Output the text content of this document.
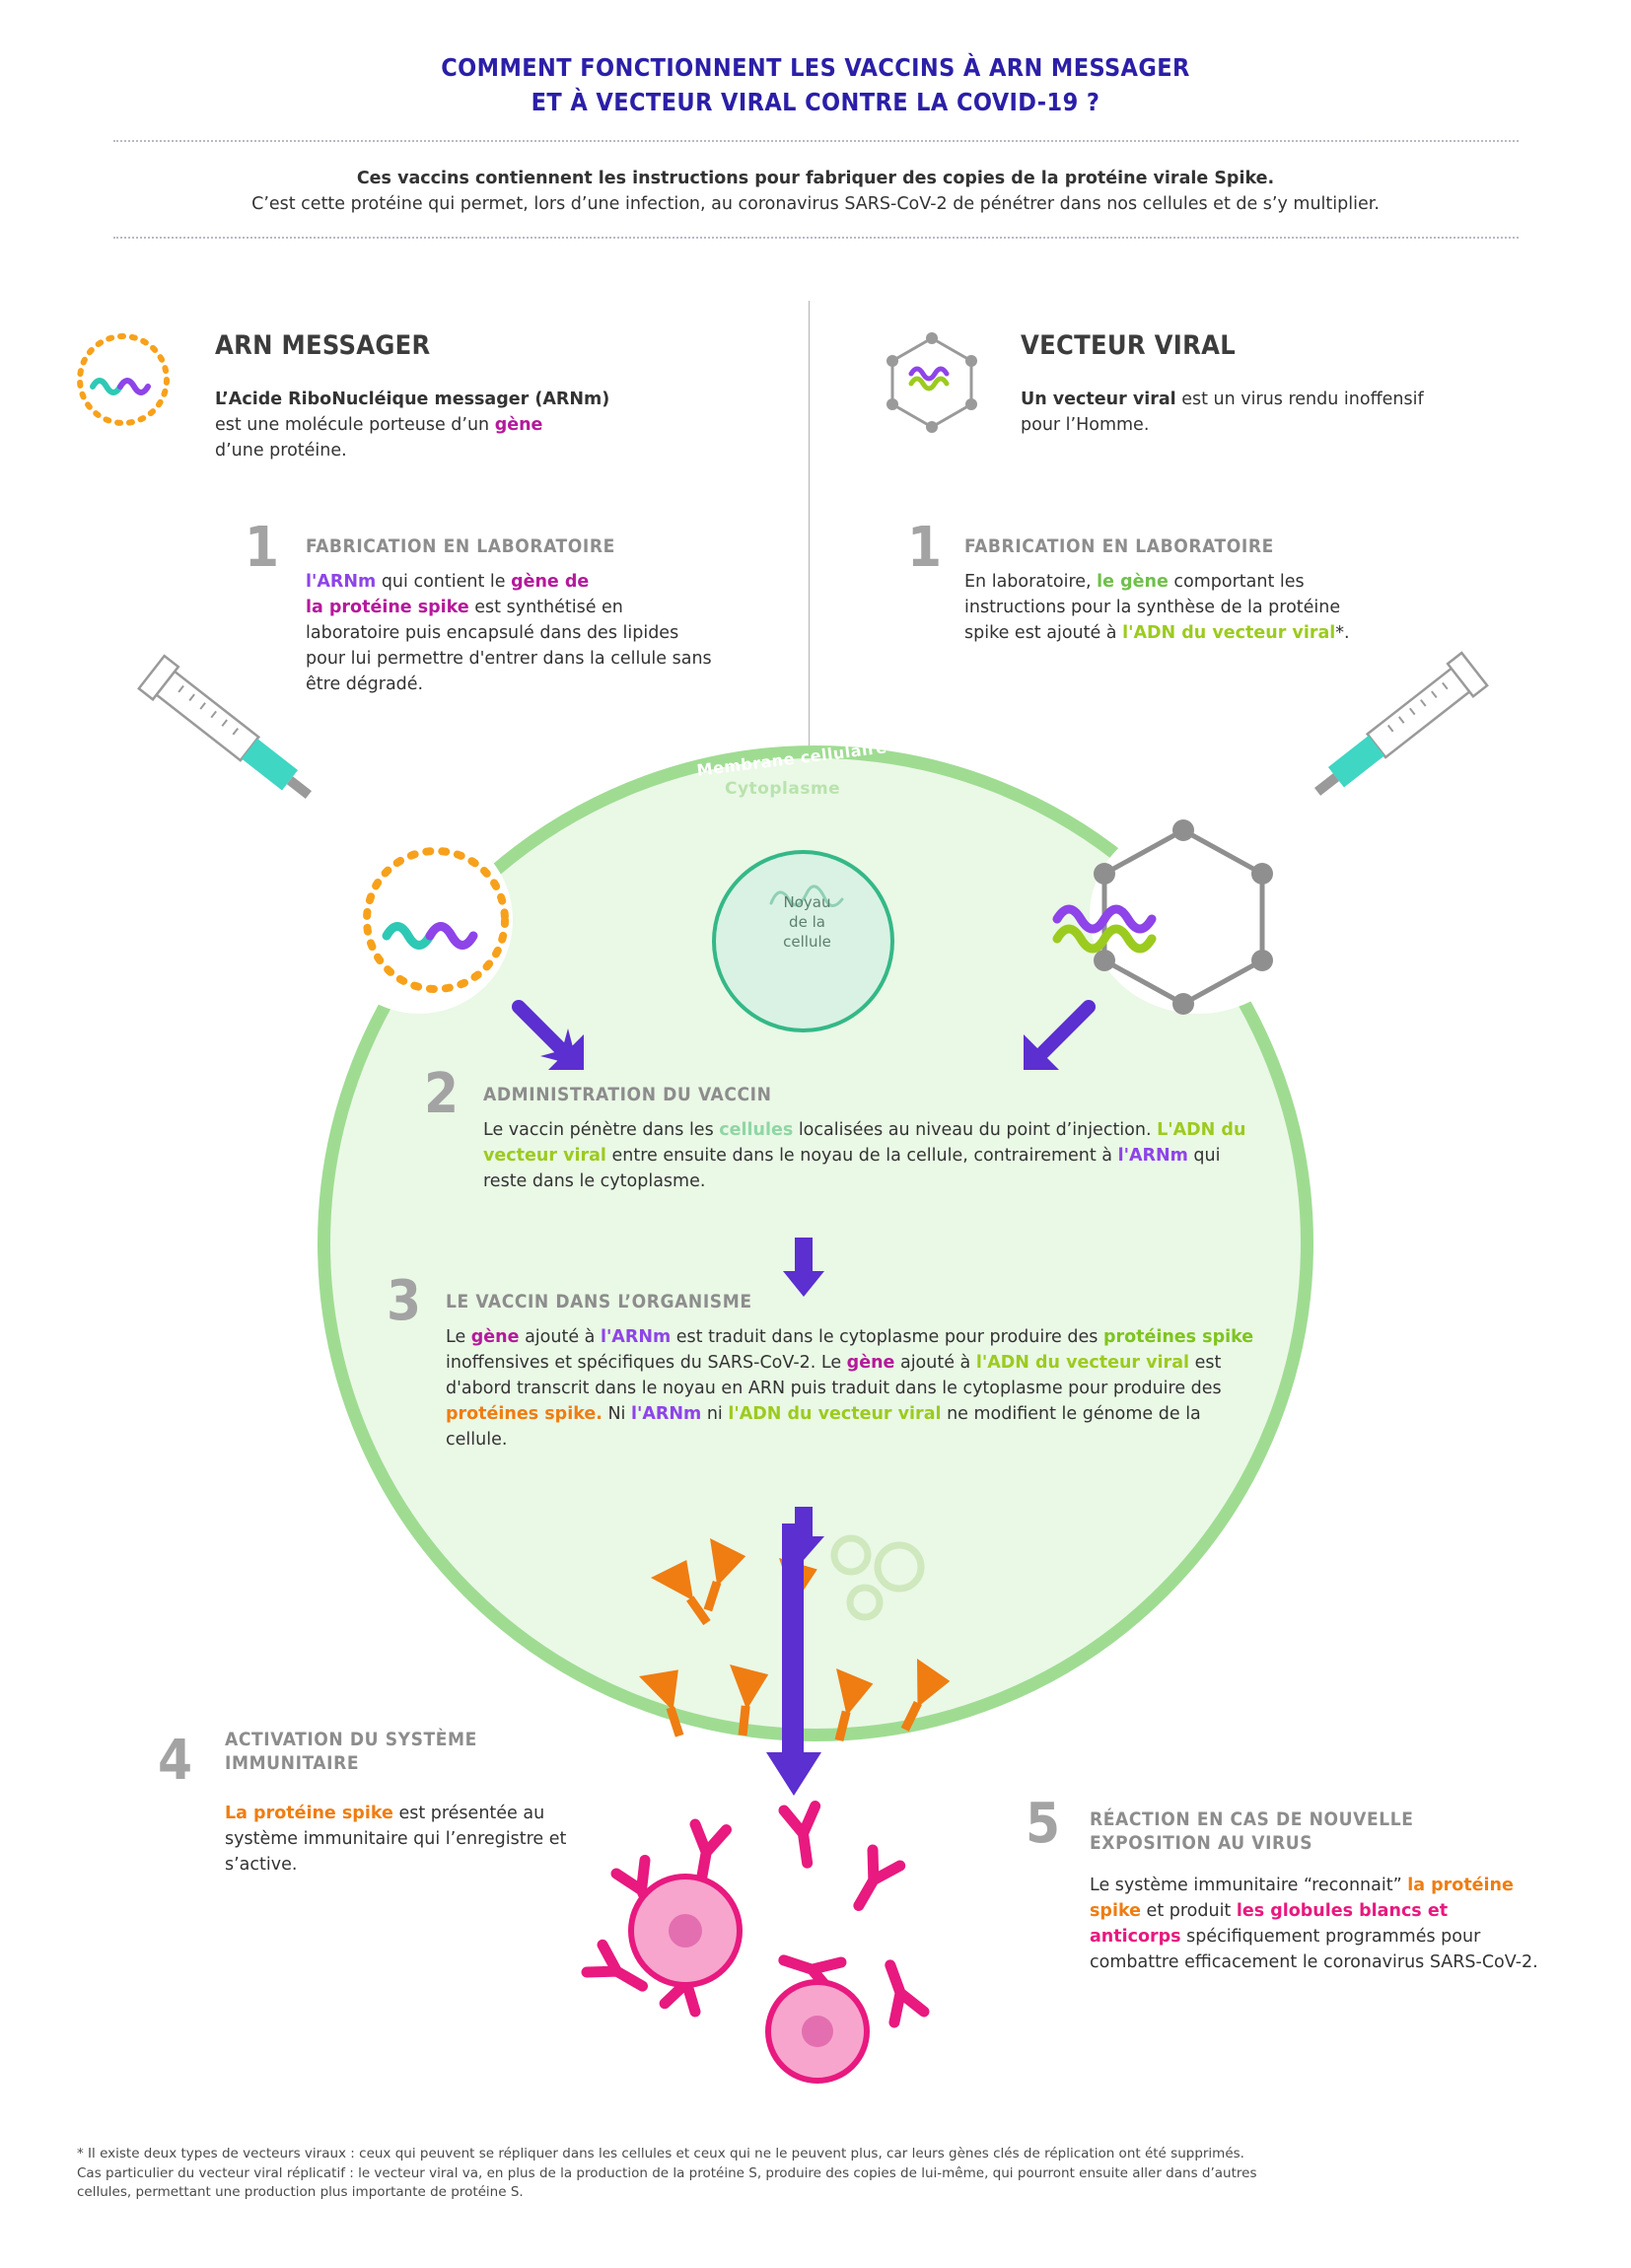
COMMENT FONCTIONNENT LES VACCINS À ARN MESSAGER
ET À VECTEUR VIRAL CONTRE LA COVID-19 ?
Ces vaccins contiennent les instructions pour fabriquer des copies de la protéine virale Spike.
C’est cette protéine qui permet, lors d’une infection, au coronavirus SARS-CoV-2 de pénétrer dans nos cellules et de s’y multiplier.
ARN MESSAGER
L’Acide RiboNucléique messager (ARNm)
est une molécule porteuse d’un gène
d’une protéine.
1 FABRICATION EN LABORATOIRE
l'ARNm qui contient le gène de
la protéine spike est synthétisé en laboratoire puis encapsulé dans des lipides pour lui permettre d'entrer dans la cellule sans être dégradé.
VECTEUR VIRAL
Un vecteur viral est un virus rendu inoffensif pour l’Homme.
1 FABRICATION EN LABORATOIRE
En laboratoire, le gène comportant les instructions pour la synthèse de la protéine spike est ajouté à l'ADN du vecteur viral*.
Membrane cellulaire
Cytoplasme
Noyau
de la
cellule
2 ADMINISTRATION DU VACCIN
Le vaccin pénètre dans les cellules localisées au niveau du point d’injection. L'ADN du vecteur viral entre ensuite dans le noyau de la cellule, contrairement à l'ARNm qui reste dans le cytoplasme.
3 LE VACCIN DANS L’ORGANISME
Le gène ajouté à l'ARNm est traduit dans le cytoplasme pour produire des protéines spike inoffensives et spécifiques du SARS-CoV-2. Le gène ajouté à l'ADN du vecteur viral est d'abord transcrit dans le noyau en ARN puis traduit dans le cytoplasme pour produire des protéines spike. Ni l'ARNm ni l'ADN du vecteur viral ne modifient le génome de la cellule.
4 ACTIVATION DU SYSTÈME
IMMUNITAIRE
La protéine spike est présentée au système immunitaire qui l’enregistre et s’active.
5 RÉACTION EN CAS DE NOUVELLE
EXPOSITION AU VIRUS
Le système immunitaire “reconnait” la protéine spike et produit les globules blancs et anticorps spécifiquement programmés pour combattre efficacement le coronavirus SARS-CoV-2.
* Il existe deux types de vecteurs viraux : ceux qui peuvent se répliquer dans les cellules et ceux qui ne le peuvent plus, car leurs gènes clés de réplication ont été supprimés.
Cas particulier du vecteur viral réplicatif : le vecteur viral va, en plus de la production de la protéine S, produire des copies de lui-même, qui pourront ensuite aller dans d’autres
cellules, permettant une production plus importante de protéine S.
